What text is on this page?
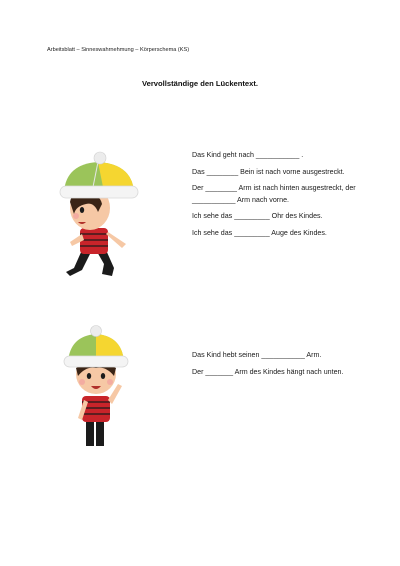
Arbeitsblatt – Sinneswahrnehmung – Körperschema (KS)
Vervollständige den Lückentext.

Das Kind geht nach ___________ .

Das ________ Bein ist nach vorne ausgestreckt.

Der ________ Arm ist nach hinten ausgestreckt, der ___________ Arm nach vorne.

Ich sehe das _________ Ohr des Kindes.

Ich sehe das _________ Auge des Kindes.

Das Kind hebt seinen ___________ Arm.

Der _______ Arm des Kindes hängt nach unten.
